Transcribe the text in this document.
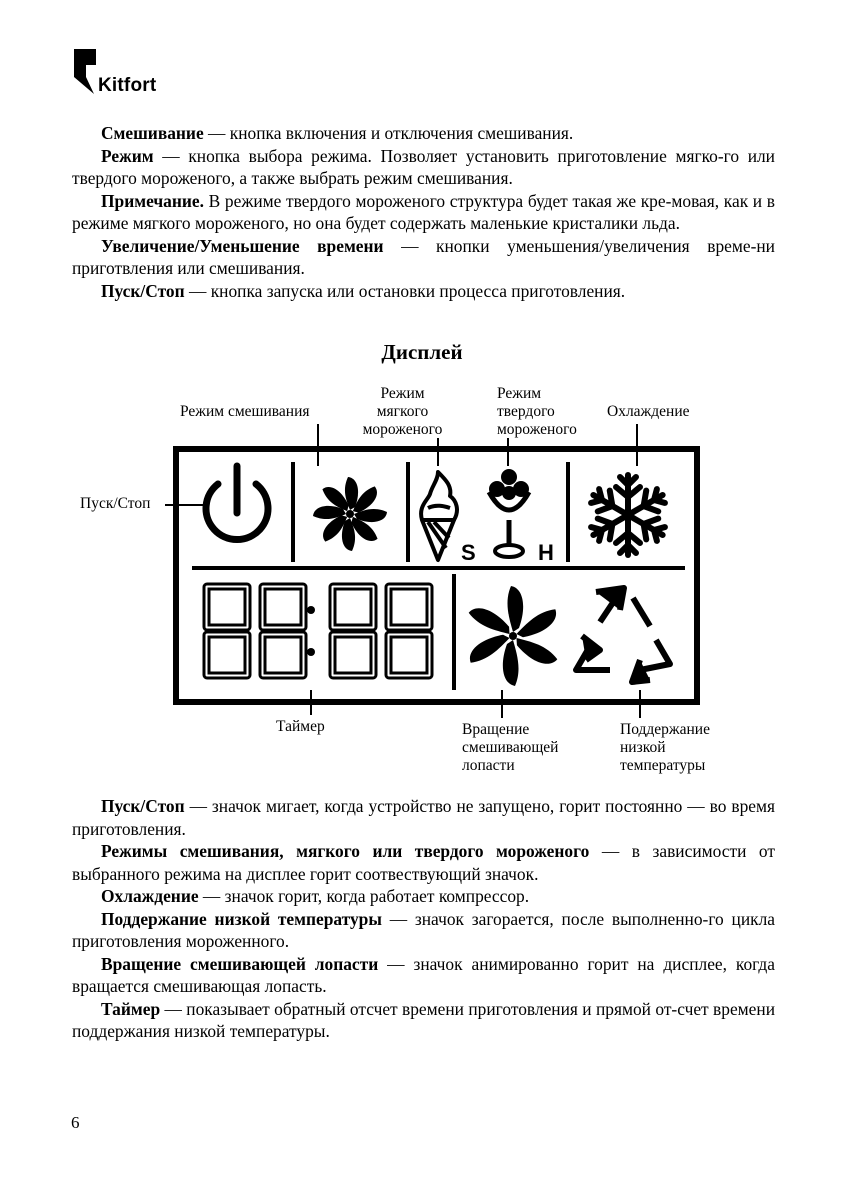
Kitfort

Смешивание — кнопка включения и отключения смешивания.

Режим — кнопка выбора режима. Позволяет установить приготовление мягко-го или твердого мороженого, а также выбрать режим смешивания.

Примечание. В режиме твердого мороженого структура будет такая же кре-мовая, как и в режиме мягкого мороженого, но она будет содержать маленькие кристалики льда.

Увеличение/Уменьшение времени — кнопки уменьшения/увеличения време-ни приготвления или смешивания.

Пуск/Стоп — кнопка запуска или остановки процесса приготовления.

Дисплей
S	H
Режим смешивания
Режим
мягкого
мороженого
Режим
твердого
мороженого
Охлаждение
Пуск/Стоп
Таймер	Вращение
смешивающей
лопасти
Поддержание
низкой
температуры

Пуск/Стоп — значок мигает, когда устройство не запущено, горит постоянно — во время приготовления.

Режимы смешивания, мягкого или твердого мороженого — в зависимости от выбранного режима на дисплее горит соотвествующий значок.

Охлаждение — значок горит, когда работает компрессор.

Поддержание низкой температуры — значок загорается, после выполненно-го цикла приготовления мороженного.

Вращение смешивающей лопасти — значок анимированно горит на дисплее, когда вращается смешивающая лопасть.

Таймер — показывает обратный отсчет времени приготовления и прямой от-счет времени поддержания низкой температуры.

6
